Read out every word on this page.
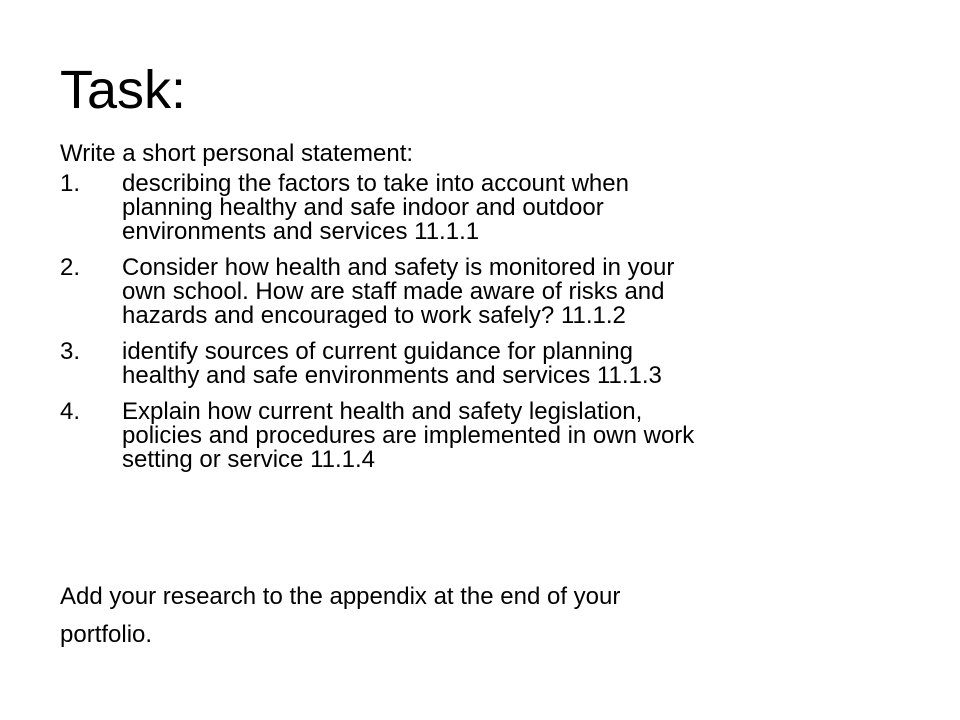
Task:

Write a short personal statement:

1.	describing the factors to take into account when
planning healthy and safe indoor and outdoor
environments and services 11.1.1
2.	Consider how health and safety is monitored in your
own school. How are staff made aware of risks and
hazards and encouraged to work safely? 11.1.2
3.	identify sources of current guidance for planning
healthy and safe environments and services 11.1.3
4.	Explain how current health and safety legislation,
policies and procedures are implemented in own work
setting or service 11.1.4

Add your research to the appendix at the end of your
portfolio.
